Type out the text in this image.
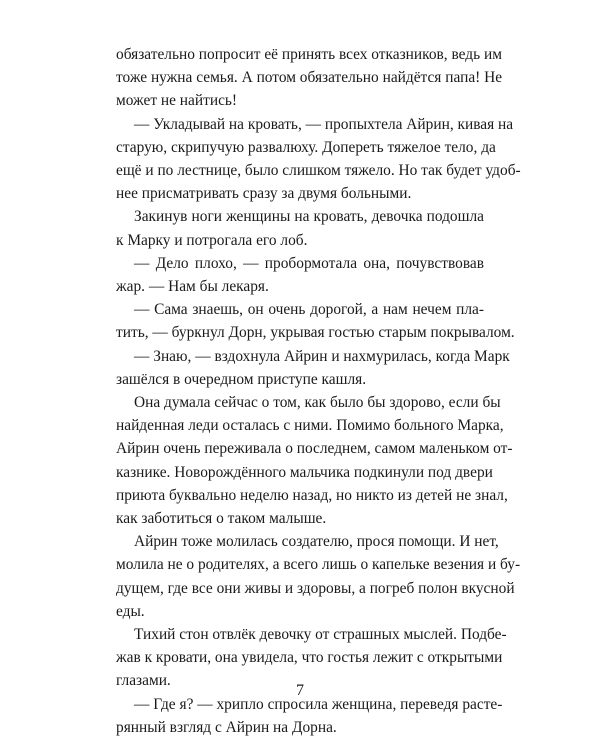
обязательно попросит её принять всех отказников, ведь им
тоже нужна семья. А потом обязательно найдётся папа! Не
может не найтись!
— Укладывай на кровать, — пропыхтела Айрин, кивая на
старую, скрипучую развалюху. Доперeть тяжелое тело, да
ещё и по лестнице, было слишком тяжело. Но так будет удоб-
нее присматривать сразу за двумя больными.
Закинув ноги женщины на кровать, девочка подошла
к Марку и потрогала его лоб.
— Дело плохо, — пробормотала она, почувствовав
жар. — Нам бы лекаря.
— Сама знаешь, он очень дорогой, а нам нечем пла-
тить, — буркнул Дорн, укрывая гостью старым покрывалом.
— Знаю, — вздохнула Айрин и нахмурилась, когда Марк
зашёлся в очередном приступе кашля.
Она думала сейчас о том, как было бы здорово, если бы
найденная леди осталась с ними. Помимо больного Марка,
Айрин очень переживала о последнем, самом маленьком от-
казнике. Новорождённого мальчика подкинули под двери
приюта буквально неделю назад, но никто из детей не знал,
как заботиться о таком малыше.
Айрин тоже молилась создателю, прося помощи. И нет,
молила не о родителях, а всего лишь о капельке везения и бу-
дущем, где все они живы и здоровы, а погреб полон вкусной
еды.
Тихий стон отвлёк девочку от страшных мыслей. Подбе-
жав к кровати, она увидела, что гостья лежит с открытыми
глазами.
— Где я? — хрипло спросила женщина, переведя расте-
рянный взгляд с Айрин на Дорна.
7
